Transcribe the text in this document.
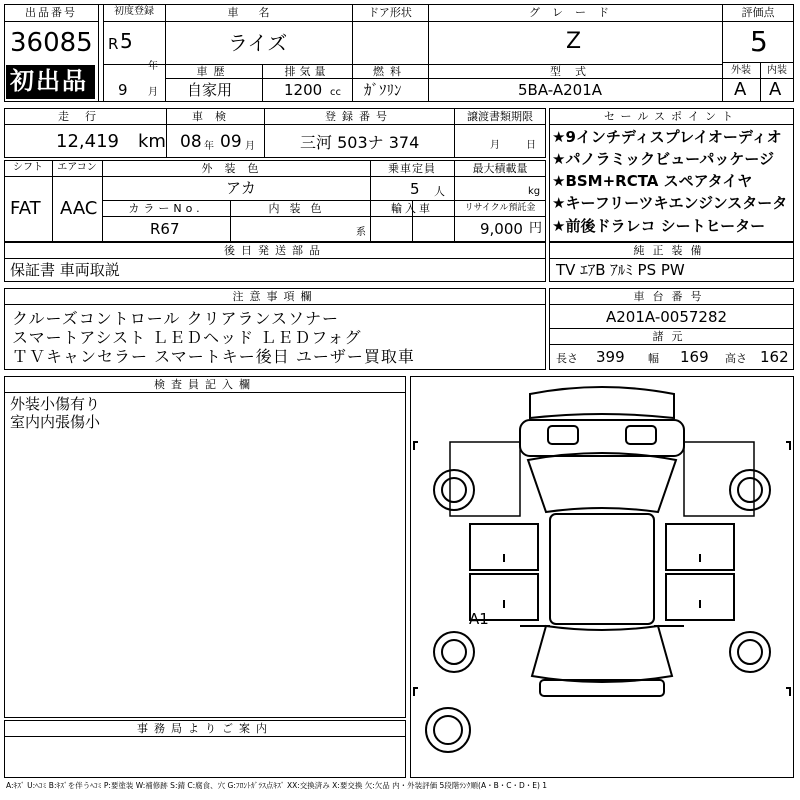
出品番号
36085
初出品
初度登録
R 5
年
9 月
車名
ライズ
ドア形状	グレード
Z
評価点
5
車歴
自家用
排気量
1200 cc
燃料
ｶﾞｿﾘﾝ
型式
5BA-A201A
外装	内装
A A
走行
12,419 km
車検
08 年 09 月
登録番号
三河 503ナ 374
譲渡書類期限
月	日
セールスポイント
★9インチディスプレイオーディオ
★パノラミックビューパッケージ
★BSM+RCTA スペアタイヤ
★キーフリーツキエンジンスタータ
★前後ドラレコ シートヒーター
シフト
FAT
エアコン
AAC
外装色
アカ
乗車定員
5 人
最大積載量
kg
カラーNo.
R67
内装色
系
輸入車	リサイクル預託金
9,000 円
後日発送部品
保証書 車両取説
純正装備
TV ｴｱB ｱﾙﾐ PS PW
注意事項欄
クルーズコントロール クリアランスソナー
スマートアシスト ＬＥＤヘッド ＬＥＤフォグ
ＴＶキャンセラー スマートキー後日 ユーザー買取車
車台番号
A201A-0057282
諸元
長さ 399 幅 169 高さ 162
検査員記入欄
外装小傷有り
室内内張傷小
事務局よりご案内
A1
A:ｷｽﾞ U:ﾍｺﾐ B:ｷｽﾞを伴うﾍｺﾐ P:要塗装 W:補修跡 S:錆 C:腐食、穴 G:ﾌﾛﾝﾄｶﾞﾗｽ点ｷｽﾞ XX:交換済み X:要交換 欠:欠品 内・外装評価 5段階ﾗﾝｸ順(A・B・C・D・E) 1
